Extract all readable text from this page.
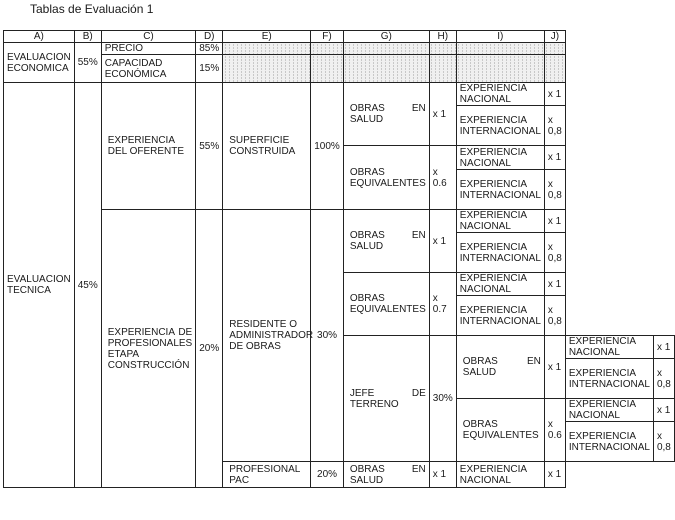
Tablas de Evaluación 1
A)	B)	C)	D)	E)	F)	G)	H)	I)	J)		
EVALUACION ECONOMICA	55%	PRECIO	85%								
		CAPACIDAD ECONÓMICA	15%								
EVALUACION TECNICA	45%	EXPERIENCIA DEL OFERENTE	55%	SUPERFICIE CONSTRUIDA	100%	OBRAS EN SALUD	x 1	EXPERIENCIA NACIONAL	x 1		
								EXPERIENCIA INTERNACIONAL	x 0,8		
						OBRAS EQUIVALENTES	x 0.6	EXPERIENCIA NACIONAL	x 1		
								EXPERIENCIA INTERNACIONAL	x 0,8		
		EXPERIENCIA DE PROFESIONALES ETAPA CONSTRUCCIÓN	20%	RESIDENTE O ADMINISTRADOR DE OBRAS	30%	OBRAS EN SALUD	x 1	EXPERIENCIA NACIONAL	x 1		
								EXPERIENCIA INTERNACIONAL	x 0,8		
						OBRAS EQUIVALENTES	x 0.7	EXPERIENCIA NACIONAL	x 1		
								EXPERIENCIA INTERNACIONAL	x 0,8		
						JEFE DE TERRENO	30%	OBRAS EN SALUD	x 1	EXPERIENCIA NACIONAL	x 1
										EXPERIENCIA INTERNACIONAL	x 0,8
								OBRAS EQUIVALENTES	x 0.6	EXPERIENCIA NACIONAL	x 1
										EXPERIENCIA INTERNACIONAL	x 0,8
				PROFESIONAL PAC	20%	OBRAS EN SALUD	x 1	EXPERIENCIA NACIONAL	x 1		
